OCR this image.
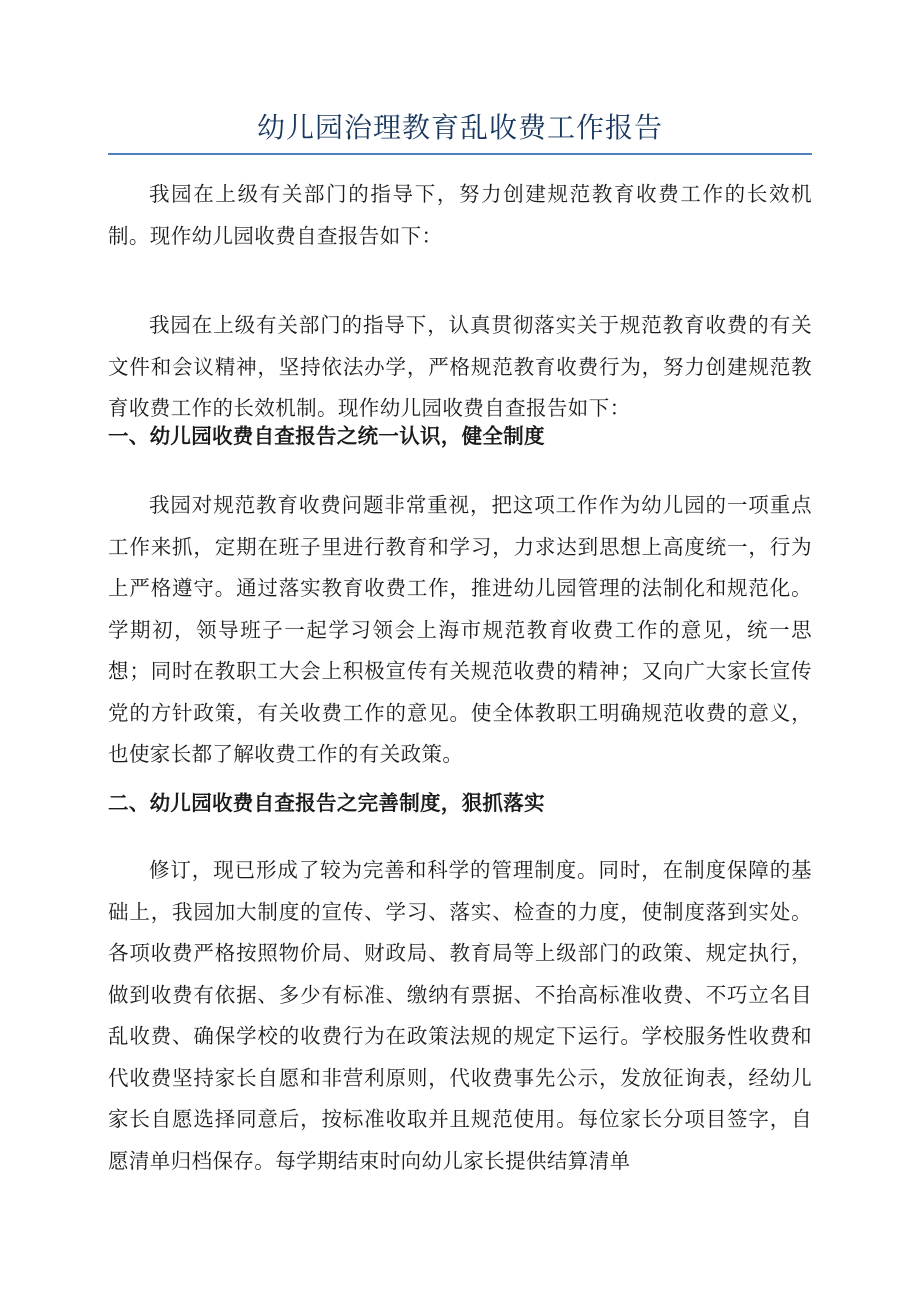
幼儿园治理教育乱收费工作报告

我园在上级有关部门的指导下，努力创建规范教育收费工作的长效机制。现作幼儿园收费自查报告如下：

我园在上级有关部门的指导下，认真贯彻落实关于规范教育收费的有关文件和会议精神，坚持依法办学，严格规范教育收费行为，努力创建规范教育收费工作的长效机制。现作幼儿园收费自查报告如下：

一、幼儿园收费自查报告之统一认识，健全制度

我园对规范教育收费问题非常重视，把这项工作作为幼儿园的一项重点工作来抓，定期在班子里进行教育和学习，力求达到思想上高度统一，行为上严格遵守。通过落实教育收费工作，推进幼儿园管理的法制化和规范化。学期初，领导班子一起学习领会上海市规范教育收费工作的意见，统一思想；同时在教职工大会上积极宣传有关规范收费的精神；又向广大家长宣传党的方针政策，有关收费工作的意见。使全体教职工明确规范收费的意义，也使家长都了解收费工作的有关政策。

二、幼儿园收费自查报告之完善制度，狠抓落实

修订，现已形成了较为完善和科学的管理制度。同时，在制度保障的基础上，我园加大制度的宣传、学习、落实、检查的力度，使制度落到实处。各项收费严格按照物价局、财政局、教育局等上级部门的政策、规定执行，做到收费有依据、多少有标准、缴纳有票据、不抬高标准收费、不巧立名目乱收费、确保学校的收费行为在政策法规的规定下运行。学校服务性收费和代收费坚持家长自愿和非营利原则，代收费事先公示，发放征询表，经幼儿家长自愿选择同意后，按标准收取并且规范使用。每位家长分项目签字，自愿清单归档保存。每学期结束时向幼儿家长提供结算清单
